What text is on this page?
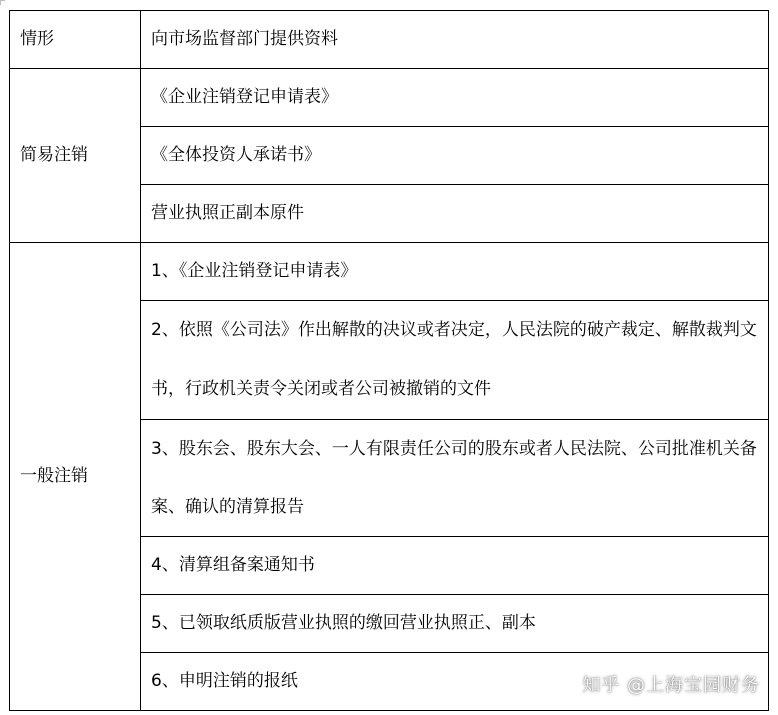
情形	向市场监督部门提供资料
简易注销	《企业注销登记申请表》
	《全体投资人承诺书》
	营业执照正副本原件
一般注销	1、《企业注销登记申请表》
	2、依照《公司法》作出解散的决议或者决定，人民法院的破产裁定、解散裁判文书，行政机关责令关闭或者公司被撤销的文件
	3、股东会、股东大会、一人有限责任公司的股东或者人民法院、公司批准机关备案、确认的清算报告
	4、清算组备案通知书
	5、已领取纸质版营业执照的缴回营业执照正、副本
	6、申明注销的报纸	知乎 @上海宝园财务
